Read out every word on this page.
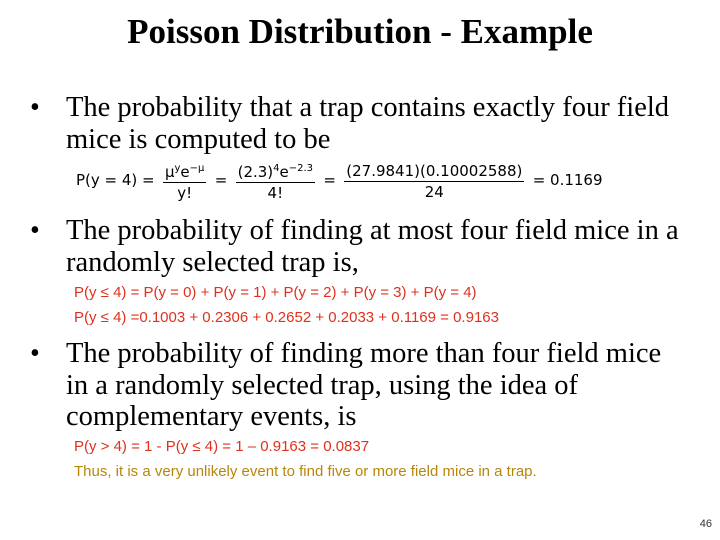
Poisson Distribution - Example
• The probability that a trap contains exactly four field mice is computed to be
$P(y = 4) = \frac{\mu^ye^{-\mu}}{y!} = \frac{(2.3)^4e^{-2.3}}{4!} = \frac{(27.9841)(0.10002588)}{24} = 0.1169$
• The probability of finding at most four field mice in a randomly selected trap is,
P(y ≤ 4) = P(y = 0) + P(y = 1) + P(y = 2) + P(y = 3) + P(y = 4)
P(y ≤ 4) =0.1003 + 0.2306 + 0.2652 + 0.2033 + 0.1169 = 0.9163
• The probability of finding more than four field mice in a randomly selected trap, using the idea of complementary events, is
P(y > 4) = 1 - P(y ≤ 4) = 1 – 0.9163 = 0.0837
Thus, it is a very unlikely event to find five or more field mice in a trap.
46
